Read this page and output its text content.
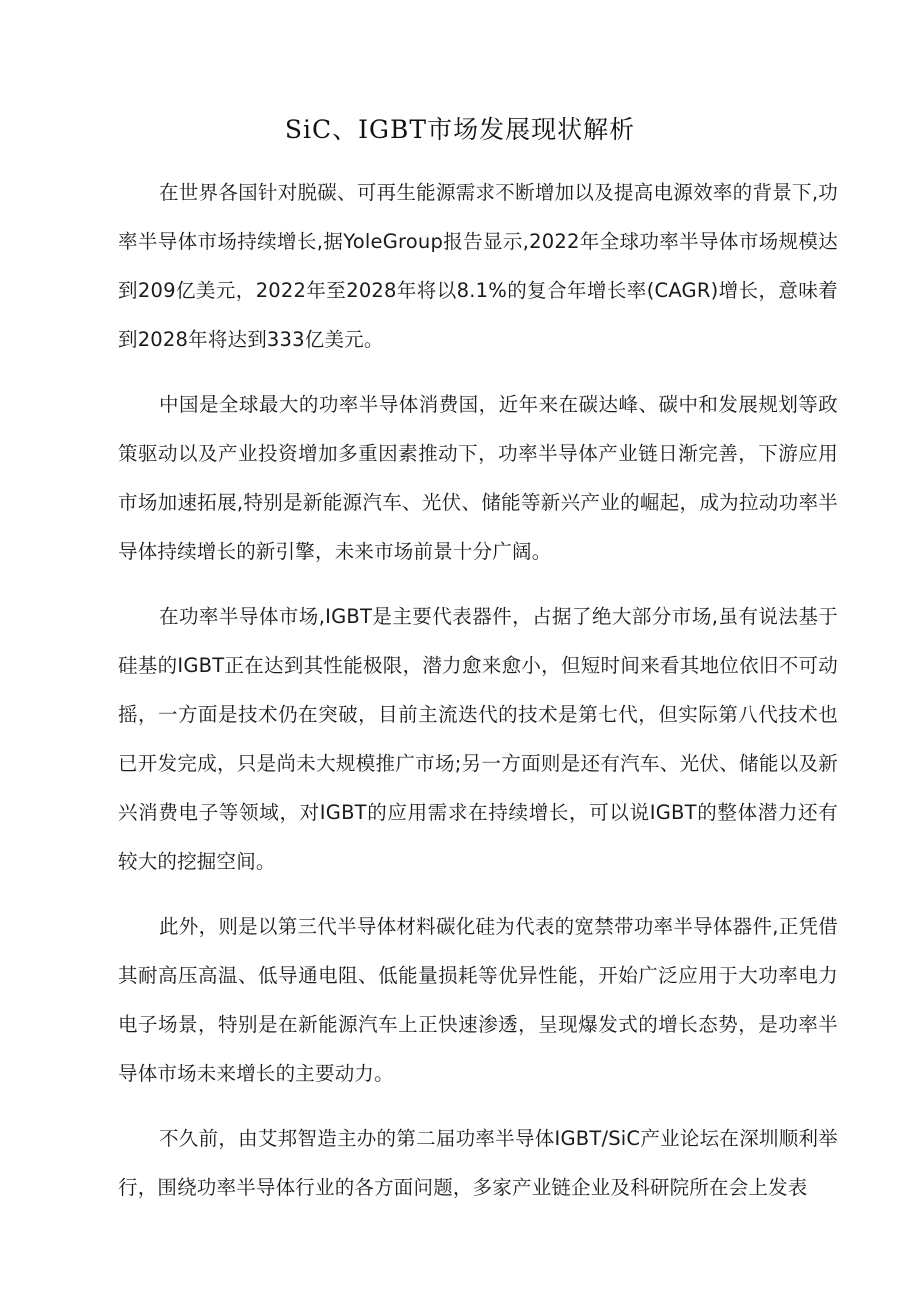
SiC、IGBT市场发展现状解析

在世界各国针对脱碳、可再生能源需求不断增加以及提高电源效率的背景下,功率半导体市场持续增长,据YoleGroup报告显示,2022年全球功率半导体市场规模达到209亿美元，2022年至2028年将以8.1%的复合年增长率(CAGR)增长，意味着到2028年将达到333亿美元。

中国是全球最大的功率半导体消费国，近年来在碳达峰、碳中和发展规划等政策驱动以及产业投资增加多重因素推动下，功率半导体产业链日渐完善，下游应用市场加速拓展,特别是新能源汽车、光伏、储能等新兴产业的崛起，成为拉动功率半导体持续增长的新引擎，未来市场前景十分广阔。

在功率半导体市场,IGBT是主要代表器件，占据了绝大部分市场,虽有说法基于硅基的IGBT正在达到其性能极限，潜力愈来愈小，但短时间来看其地位依旧不可动摇，一方面是技术仍在突破，目前主流迭代的技术是第七代，但实际第八代技术也已开发完成，只是尚未大规模推广市场;另一方面则是还有汽车、光伏、储能以及新兴消费电子等领域，对IGBT的应用需求在持续增长，可以说IGBT的整体潜力还有较大的挖掘空间。

此外，则是以第三代半导体材料碳化硅为代表的宽禁带功率半导体器件,正凭借其耐高压高温、低导通电阻、低能量损耗等优异性能，开始广泛应用于大功率电力电子场景，特别是在新能源汽车上正快速渗透，呈现爆发式的增长态势，是功率半导体市场未来增长的主要动力。

不久前，由艾邦智造主办的第二届功率半导体IGBT/SiC产业论坛在深圳顺利举行，围绕功率半导体行业的各方面问题，多家产业链企业及科研院所在会上发表
